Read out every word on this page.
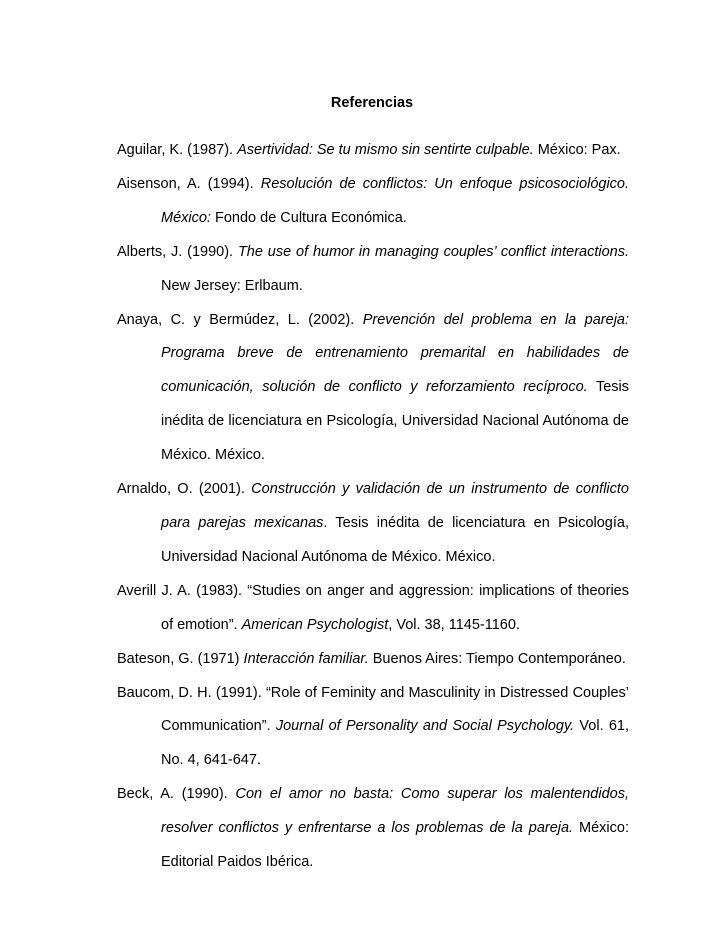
Referencias

Aguilar, K. (1987). Asertividad: Se tu mismo sin sentirte culpable. México: Pax.

Aisenson, A. (1994). Resolución de conflictos: Un enfoque psicosociológico. México: Fondo de Cultura Económica.

Alberts, J. (1990). The use of humor in managing couples’ conflict interactions. New Jersey: Erlbaum.

Anaya, C. y Bermúdez, L. (2002). Prevención del problema en la pareja: Programa breve de entrenamiento premarital en habilidades de comunicación, solución de conflicto y reforzamiento recíproco. Tesis inédita de licenciatura en Psicología, Universidad Nacional Autónoma de México. México.

Arnaldo, O. (2001). Construcción y validación de un instrumento de conflicto para parejas mexicanas. Tesis inédita de licenciatura en Psicología, Universidad Nacional Autónoma de México. México.

Averill J. A. (1983). “Studies on anger and aggression: implications of theories of emotion”. American Psychologist, Vol. 38, 1145-1160.

Bateson, G. (1971) Interacción familiar. Buenos Aires: Tiempo Contemporáneo.

Baucom, D. H. (1991). “Role of Feminity and Masculinity in Distressed Couples’ Communication”. Journal of Personality and Social Psychology. Vol. 61, No. 4, 641-647.

Beck, A. (1990). Con el amor no basta: Como superar los malentendidos, resolver conflictos y enfrentarse a los problemas de la pareja. México: Editorial Paidos Ibérica.
